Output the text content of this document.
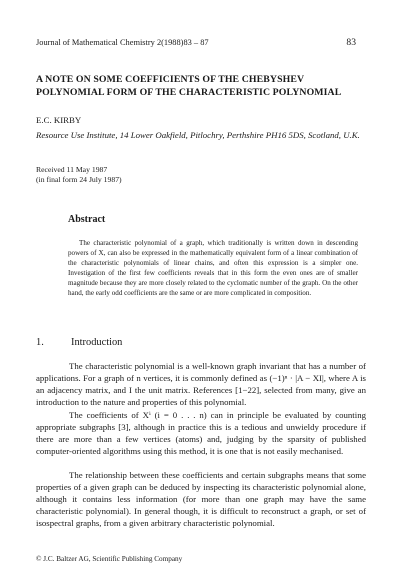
Journal of Mathematical Chemistry 2(1988)83 – 87	83
A NOTE ON SOME COEFFICIENTS OF THE CHEBYSHEV POLYNOMIAL FORM OF THE CHARACTERISTIC POLYNOMIAL
E.C. KIRBY
Resource Use Institute, 14 Lower Oakfield, Pitlochry, Perthshire PH16 5DS, Scotland, U.K.
Received 11 May 1987
(in final form 24 July 1987)
Abstract
The characteristic polynomial of a graph, which traditionally is written down in descending powers of X, can also be expressed in the mathematically equivalent form of a linear combination of the characteristic polynomials of linear chains, and often this expression is a simpler one. Investigation of the first few coefficients reveals that in this form the even ones are of smaller magnitude because they are more closely related to the cyclomatic number of the graph. On the other hand, the early odd coefficients are the same or are more complicated in composition.
1.	Introduction
The characteristic polynomial is a well-known graph invariant that has a number of applications. For a graph of n vertices, it is commonly defined as (−1)ⁿ · |A − XI|, where A is an adjacency matrix, and I the unit matrix. References [1−22], selected from many, give an introduction to the nature and properties of this polynomial.
The coefficients of Xⁱ (i = 0 . . . n) can in principle be evaluated by counting appropriate subgraphs [3], although in practice this is a tedious and unwieldy procedure if there are more than a few vertices (atoms) and, judging by the sparsity of published computer-oriented algorithms using this method, it is one that is not easily mechanised.
The relationship between these coefficients and certain subgraphs means that some properties of a given graph can be deduced by inspecting its characteristic polynomial alone, although it contains less information (for more than one graph may have the same characteristic polynomial). In general though, it is difficult to reconstruct a graph, or set of isospectral graphs, from a given arbitrary characteristic polynomial.
© J.C. Baltzer AG, Scientific Publishing Company
